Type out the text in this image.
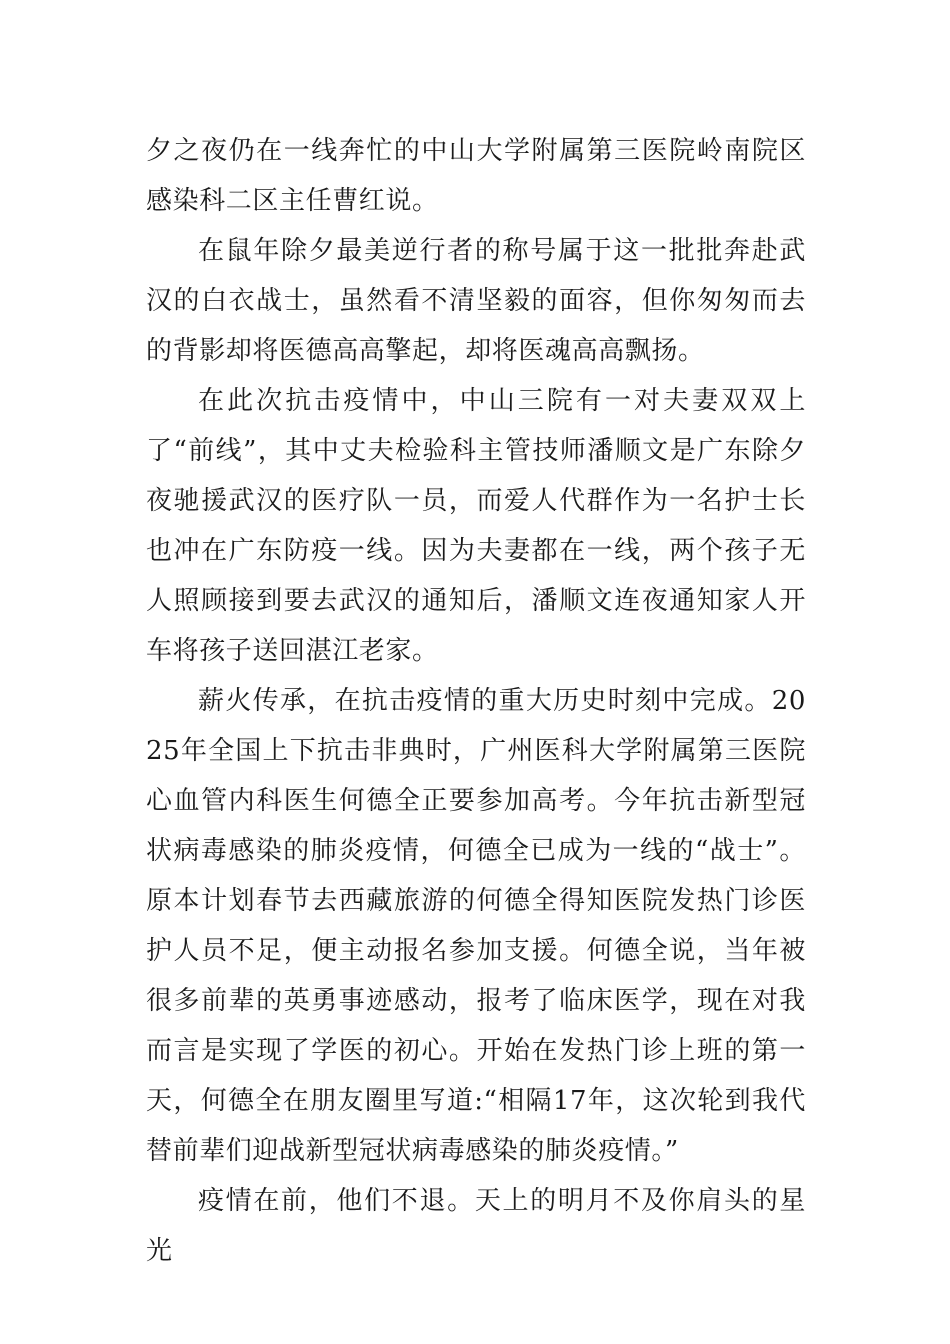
夕之夜仍在一线奔忙的中山大学附属第三医院岭南院区感染科二区主任曹红说。

在鼠年除夕最美逆行者的称号属于这一批批奔赴武汉的白衣战士，虽然看不清坚毅的面容，但你匆匆而去的背影却将医德高高擎起，却将医魂高高飘扬。

在此次抗击疫情中，中山三院有一对夫妻双双上了“前线”，其中丈夫检验科主管技师潘顺文是广东除夕夜驰援武汉的医疗队一员，而爱人代群作为一名护士长也冲在广东防疫一线。因为夫妻都在一线，两个孩子无人照顾接到要去武汉的通知后，潘顺文连夜通知家人开车将孩子送回湛江老家。

薪火传承，在抗击疫情的重大历史时刻中完成。2025年全国上下抗击非典时，广州医科大学附属第三医院心血管内科医生何德全正要参加高考。今年抗击新型冠状病毒感染的肺炎疫情，何德全已成为一线的“战士”。原本计划春节去西藏旅游的何德全得知医院发热门诊医护人员不足，便主动报名参加支援。何德全说，当年被很多前辈的英勇事迹感动，报考了临床医学，现在对我而言是实现了学医的初心。开始在发热门诊上班的第一天，何德全在朋友圈里写道:“相隔17年，这次轮到我代替前辈们迎战新型冠状病毒感染的肺炎疫情。”

疫情在前，他们不退。天上的明月不及你肩头的星光
